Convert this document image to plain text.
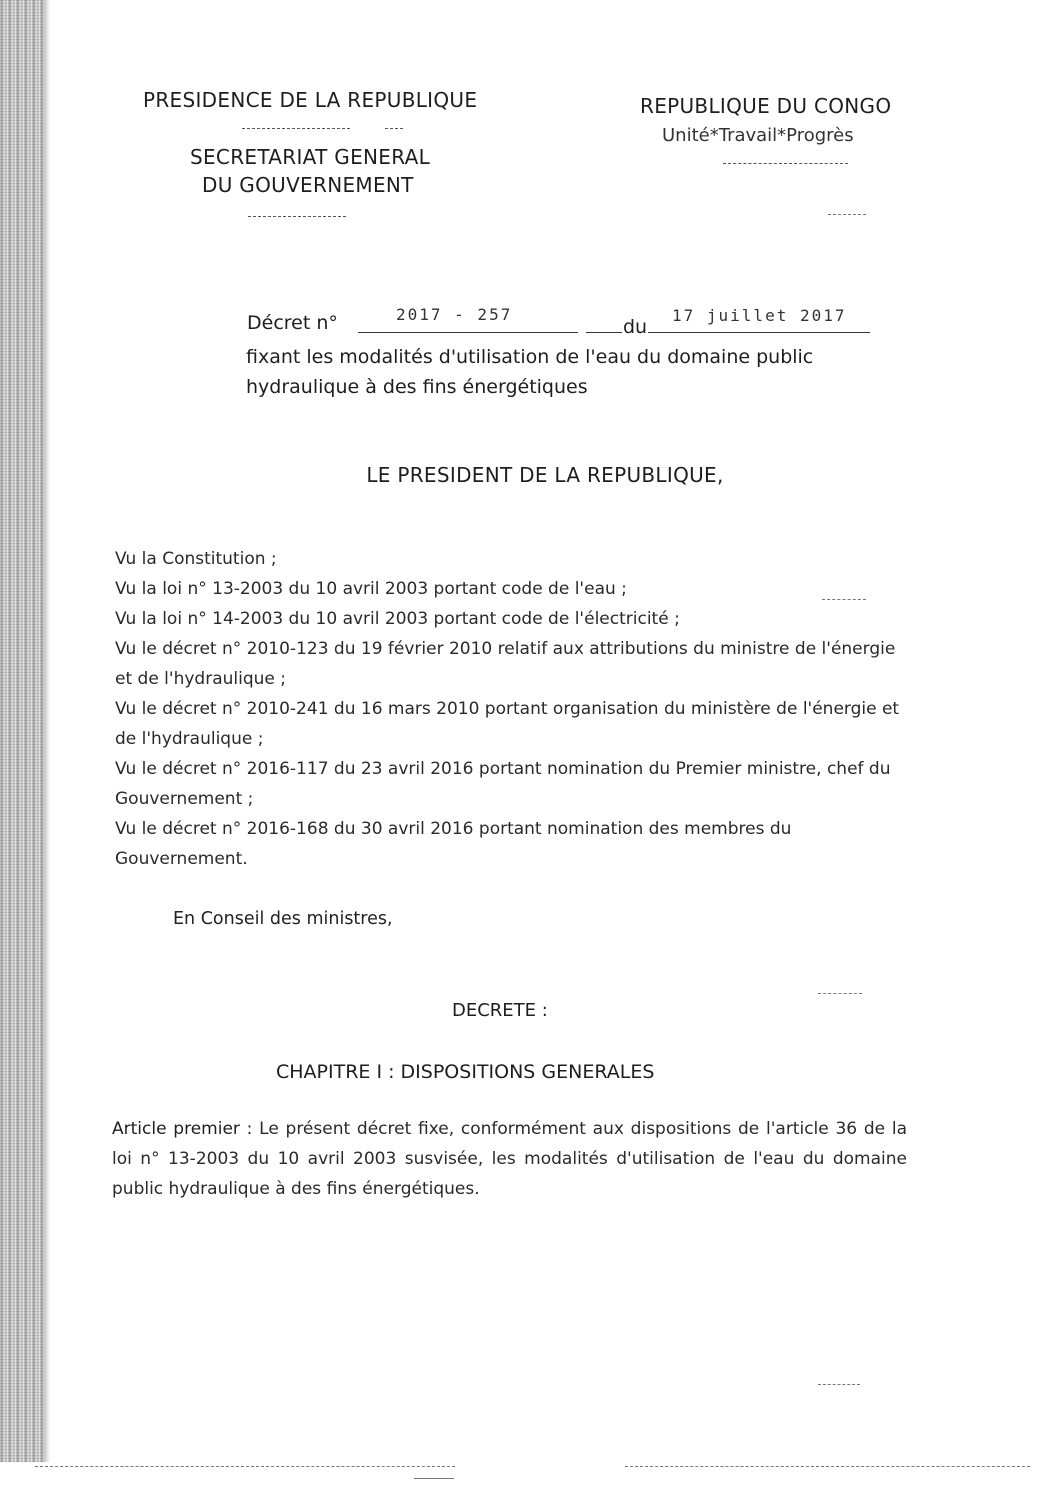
PRESIDENCE DE LA REPUBLIQUE
SECRETARIAT GENERAL
DU GOUVERNEMENT
REPUBLIQUE DU CONGO
Unité*Travail*Progrès
Décret n°	2017 - 257
du
17 juillet 2017
fixant les modalités d'utilisation de l'eau du domaine public
hydraulique à des fins énergétiques
LE PRESIDENT DE LA REPUBLIQUE,
Vu la Constitution ;
Vu la loi n° 13-2003 du 10 avril 2003 portant code de l'eau ;
Vu la loi n° 14-2003 du 10 avril 2003 portant code de l'électricité ;
Vu le décret n° 2010-123 du 19 février 2010 relatif aux attributions du ministre de l'énergie et de l'hydraulique ;
Vu le décret n° 2010-241 du 16 mars 2010 portant organisation du ministère de l'énergie et de l'hydraulique ;
Vu le décret n° 2016-117 du 23 avril 2016 portant nomination du Premier ministre, chef du Gouvernement ;
Vu le décret n° 2016-168 du 30 avril 2016 portant nomination des membres du Gouvernement.
En Conseil des ministres,
DECRETE :
CHAPITRE I : DISPOSITIONS GENERALES
Article premier : Le présent décret fixe, conformément aux dispositions de l'article 36 de la loi n° 13-2003 du 10 avril 2003 susvisée, les modalités d'utilisation de l'eau du domaine public hydraulique à des fins énergétiques.
